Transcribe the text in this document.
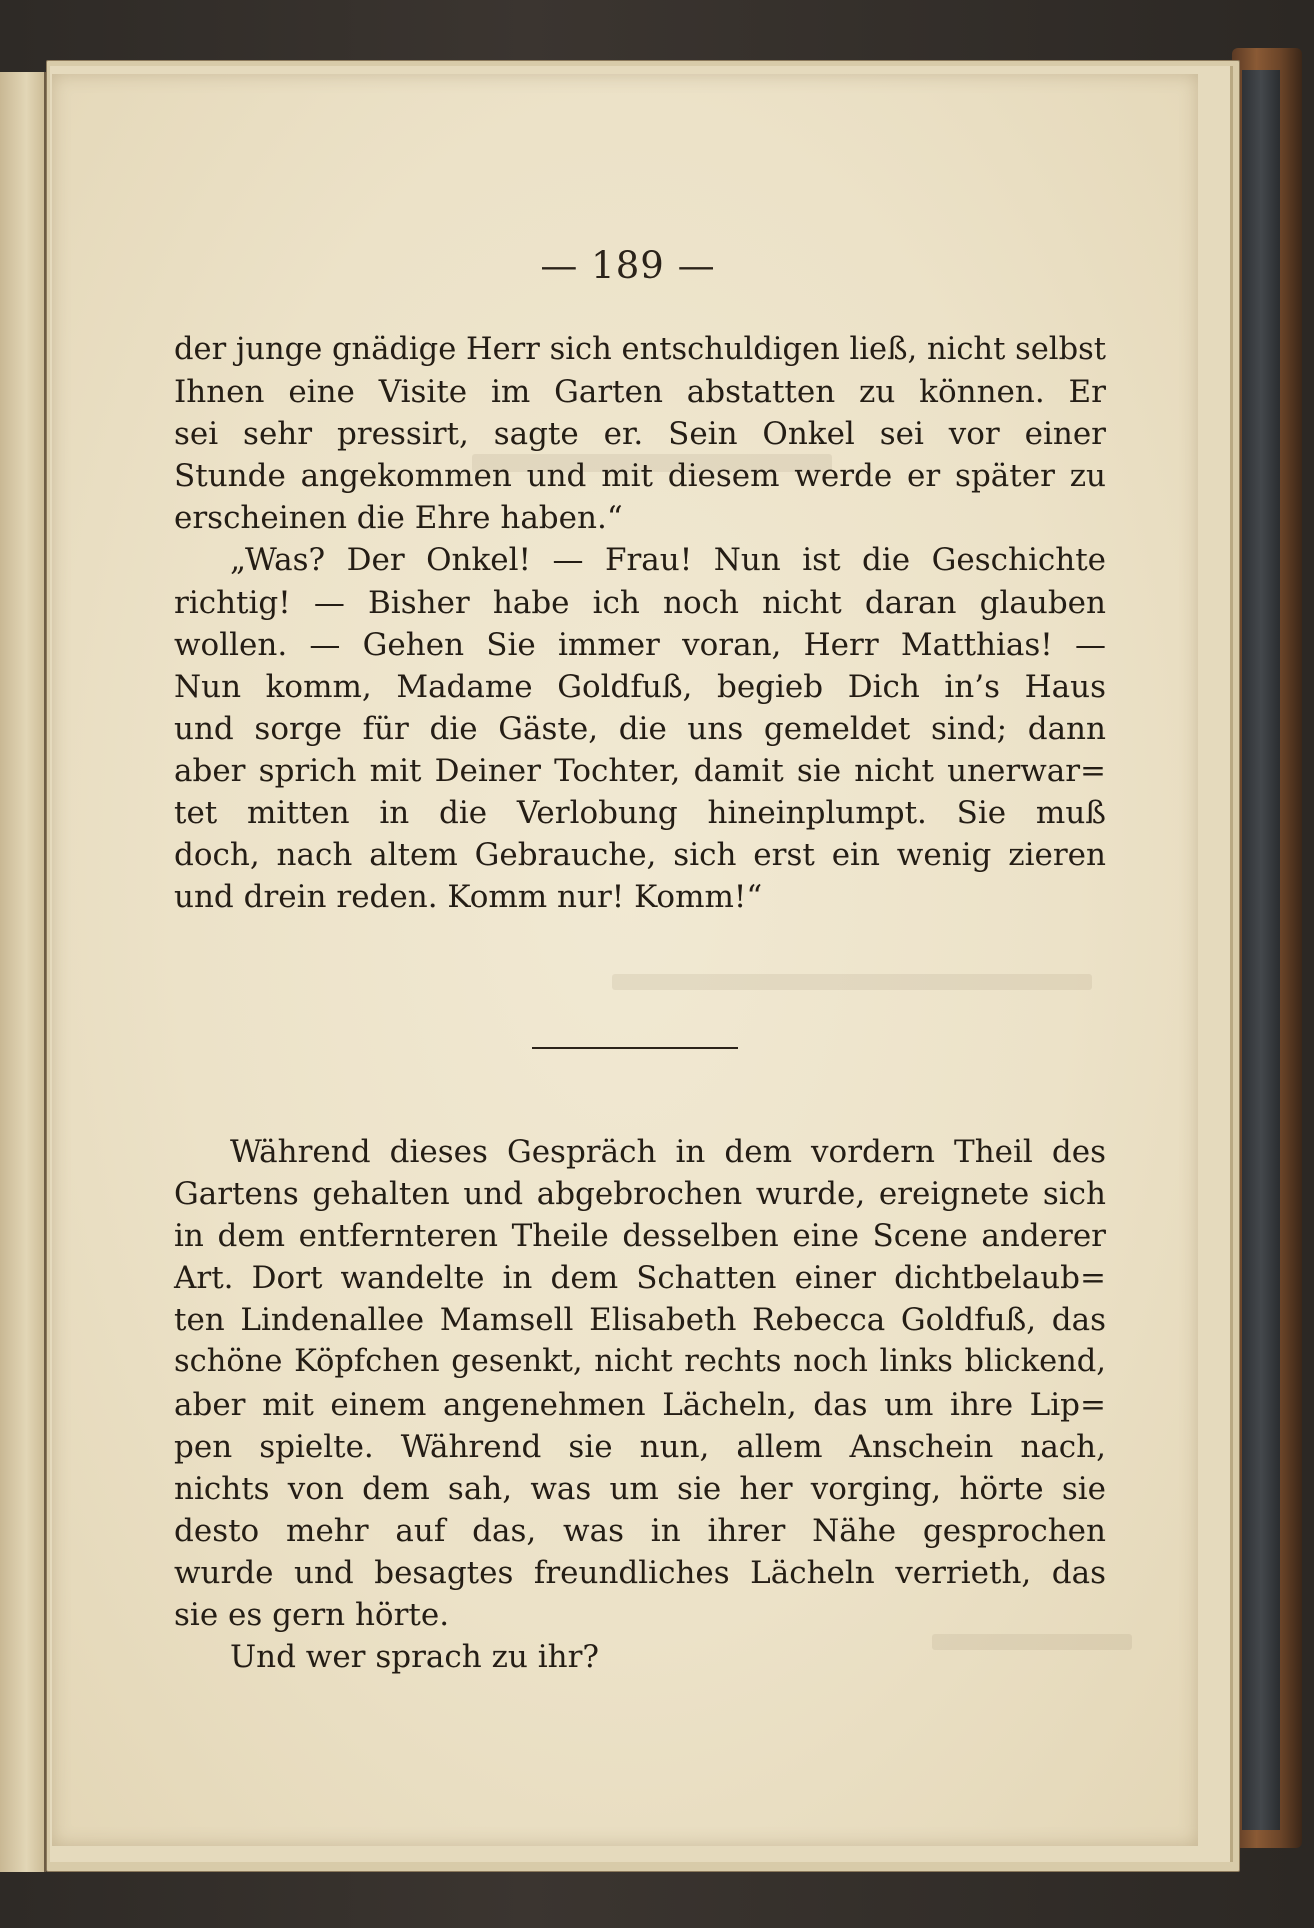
— 189 —
der junge gnädige Herr sich entschuldigen ließ, nicht selbst
Ihnen eine Visite im Garten abstatten zu können. Er
sei sehr pressirt, sagte er. Sein Onkel sei vor einer
Stunde angekommen und mit diesem werde er später zu
erscheinen die Ehre haben.“
„Was? Der Onkel! — Frau! Nun ist die Geschichte
richtig! — Bisher habe ich noch nicht daran glauben
wollen. — Gehen Sie immer voran, Herr Matthias! —
Nun komm, Madame Goldfuß, begieb Dich in’s Haus
und sorge für die Gäste, die uns gemeldet sind; dann
aber sprich mit Deiner Tochter, damit sie nicht unerwar=
tet mitten in die Verlobung hineinplumpt. Sie muß
doch, nach altem Gebrauche, sich erst ein wenig zieren
und drein reden. Komm nur! Komm!“
Während dieses Gespräch in dem vordern Theil des
Gartens gehalten und abgebrochen wurde, ereignete sich
in dem entfernteren Theile desselben eine Scene anderer
Art. Dort wandelte in dem Schatten einer dichtbelaub=
ten Lindenallee Mamsell Elisabeth Rebecca Goldfuß, das
schöne Köpfchen gesenkt, nicht rechts noch links blickend,
aber mit einem angenehmen Lächeln, das um ihre Lip=
pen spielte. Während sie nun, allem Anschein nach,
nichts von dem sah, was um sie her vorging, hörte sie
desto mehr auf das, was in ihrer Nähe gesprochen
wurde und besagtes freundliches Lächeln verrieth, das
sie es gern hörte.
Und wer sprach zu ihr?
